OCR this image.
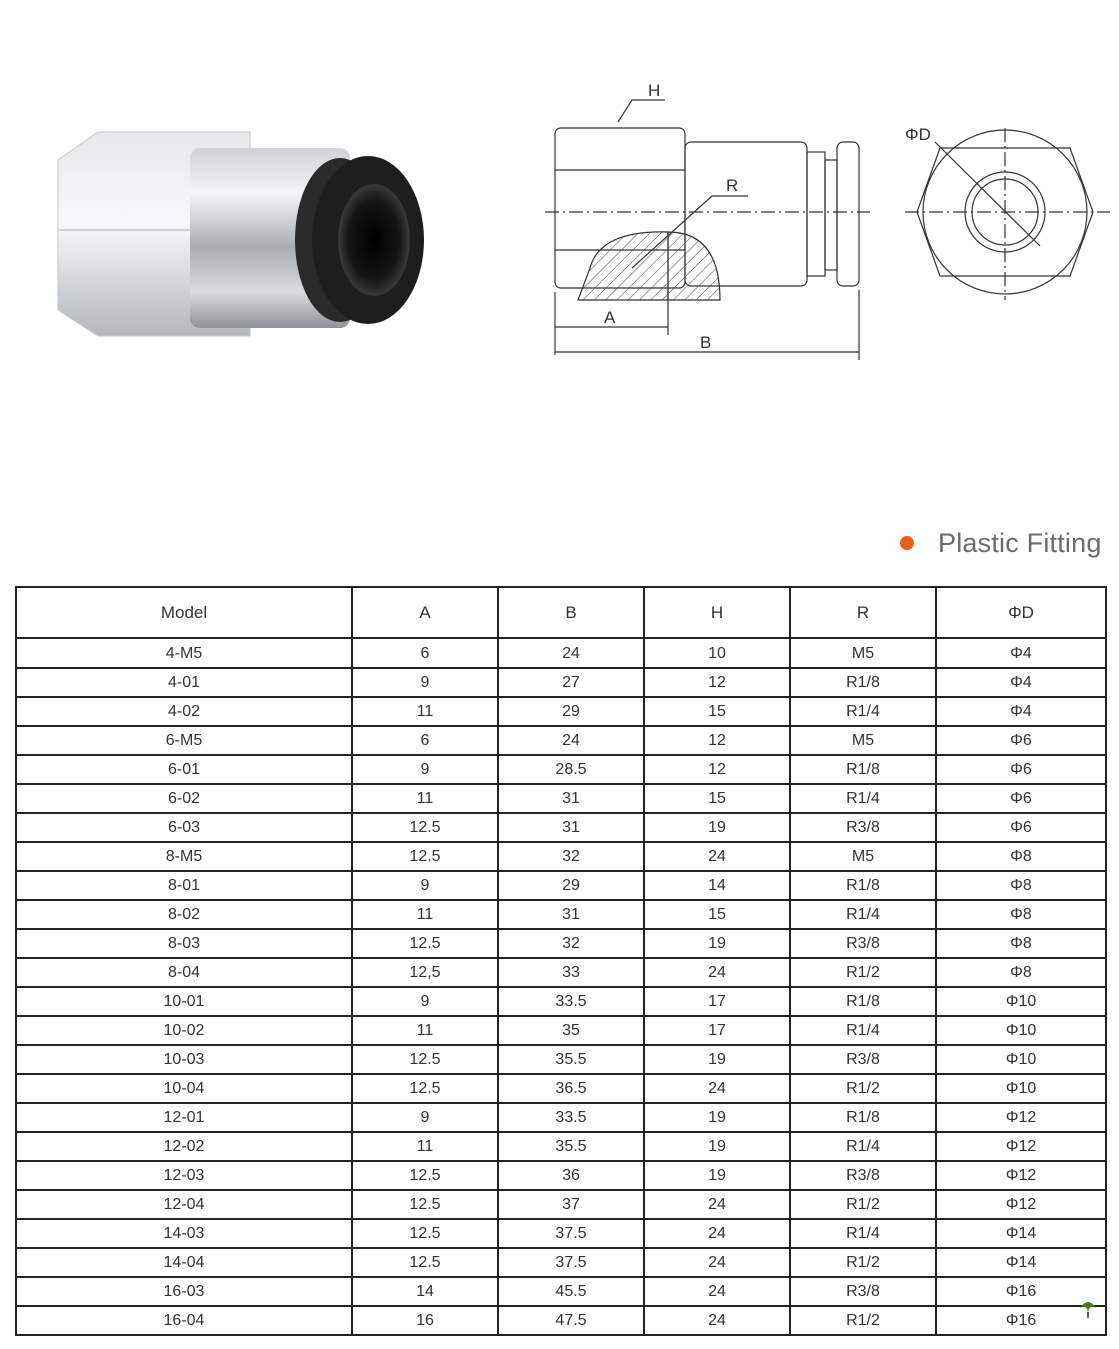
H
R
A
B
ΦD
Plastic Fitting
Model	A	B	H	R	ΦD
4-M5	6	24	10	M5	Φ4
4-01	9	27	12	R1/8	Φ4
4-02	11	29	15	R1/4	Φ4
6-M5	6	24	12	M5	Φ6
6-01	9	28.5	12	R1/8	Φ6
6-02	11	31	15	R1/4	Φ6
6-03	12.5	31	19	R3/8	Φ6
8-M5	12.5	32	24	M5	Φ8
8-01	9	29	14	R1/8	Φ8
8-02	11	31	15	R1/4	Φ8
8-03	12.5	32	19	R3/8	Φ8
8-04	12,5	33	24	R1/2	Φ8
10-01	9	33.5	17	R1/8	Φ10
10-02	11	35	17	R1/4	Φ10
10-03	12.5	35.5	19	R3/8	Φ10
10-04	12.5	36.5	24	R1/2	Φ10
12-01	9	33.5	19	R1/8	Φ12
12-02	11	35.5	19	R1/4	Φ12
12-03	12.5	36	19	R3/8	Φ12
12-04	12.5	37	24	R1/2	Φ12
14-03	12.5	37.5	24	R1/4	Φ14
14-04	12.5	37.5	24	R1/2	Φ14
16-03	14	45.5	24	R3/8	Φ16
16-04	16	47.5	24	R1/2	Φ16
